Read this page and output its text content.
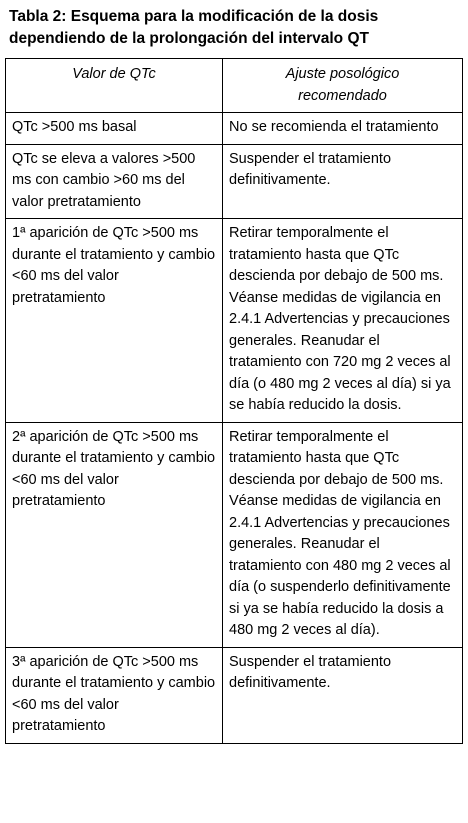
Tabla 2: Esquema para la modificación de la dosis
dependiendo de la prolongación del intervalo QT
Valor de QTc	Ajuste posológico
recomendado

QTc >500 ms basal	No se recomienda el tratamiento

QTc se eleva a valores >500 ms con cambio >60 ms del valor pretratamiento	Suspender el tratamiento definitivamente.

1ª aparición de QTc >500 ms durante el tratamiento y cambio <60 ms del valor pretratamiento	Retirar temporalmente el tratamiento hasta que QTc descienda por debajo de 500 ms. Véanse medidas de vigilancia en 2.4.1 Advertencias y precauciones generales. Reanudar el tratamiento con 720 mg 2 veces al día (o 480 mg 2 veces al día) si ya se había reducido la dosis.

2ª aparición de QTc >500 ms durante el tratamiento y cambio <60 ms del valor pretratamiento	Retirar temporalmente el tratamiento hasta que QTc descienda por debajo de 500 ms. Véanse medidas de vigilancia en 2.4.1 Advertencias y precauciones generales. Reanudar el tratamiento con 480 mg 2 veces al día (o suspenderlo definitivamente si ya se había reducido la dosis a 480 mg 2 veces al día).

3ª aparición de QTc >500 ms durante el tratamiento y cambio <60 ms del valor pretratamiento	Suspender el tratamiento definitivamente.
